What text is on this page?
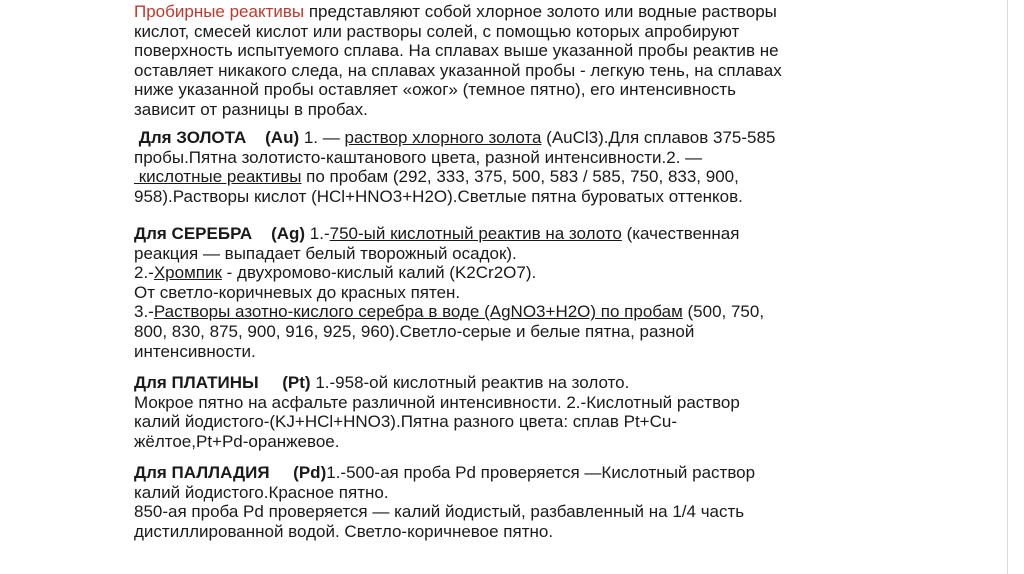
Пробирные реактивы представляют собой хлорное золото или водные растворы
кислот, смесей кислот или растворы солей, с помощью которых апробируют
поверхность испытуемого сплава. На сплавах выше указанной пробы реактив не
оставляет никакого следа, на сплавах указанной пробы - легкую тень, на сплавах
ниже указанной пробы оставляет «ожог» (темное пятно), его интенсивность
зависит от разницы в пробах.
Для ЗОЛОТА    (Au) 1. — раствор хлорного золота (AuCl3).Для сплавов 375-585
пробы.Пятна золотисто-каштанового цвета, разной интенсивности.2. —
кислотные реактивы по пробам (292, 333, 375, 500, 583 / 585, 750, 833, 900,
958).Растворы кислот (HCl+HNO3+H2O).Светлые пятна буроватых оттенков.
Для СЕРЕБРА    (Ag) 1.-750-ый кислотный реактив на золото (качественная
реакция — выпадает белый творожный осадок).
2.-Хромпик - двухромово-кислый калий (K2Cr2O7).
От светло-коричневых до красных пятен.
3.-Растворы азотно-кислого серебра в воде (AgNO3+H2O) по пробам (500, 750,
800, 830, 875, 900, 916, 925, 960).Светло-серые и белые пятна, разной
интенсивности.
Для ПЛАТИНЫ     (Pt) 1.-958-ой кислотный реактив на золото.
Мокрое пятно на асфальте различной интенсивности. 2.-Кислотный раствор
калий йодистого-(KJ+HCl+HNO3).Пятна разного цвета: сплав Pt+Cu-
жёлтое,Pt+Pd-оранжевое.
Для ПАЛЛАДИЯ     (Pd)1.-500-ая проба Pd проверяется —Кислотный раствор
калий йодистого.Красное пятно.
850-ая проба Pd проверяется — калий йодистый, разбавленный на 1/4 часть
дистиллированной водой. Светло-коричневое пятно.
